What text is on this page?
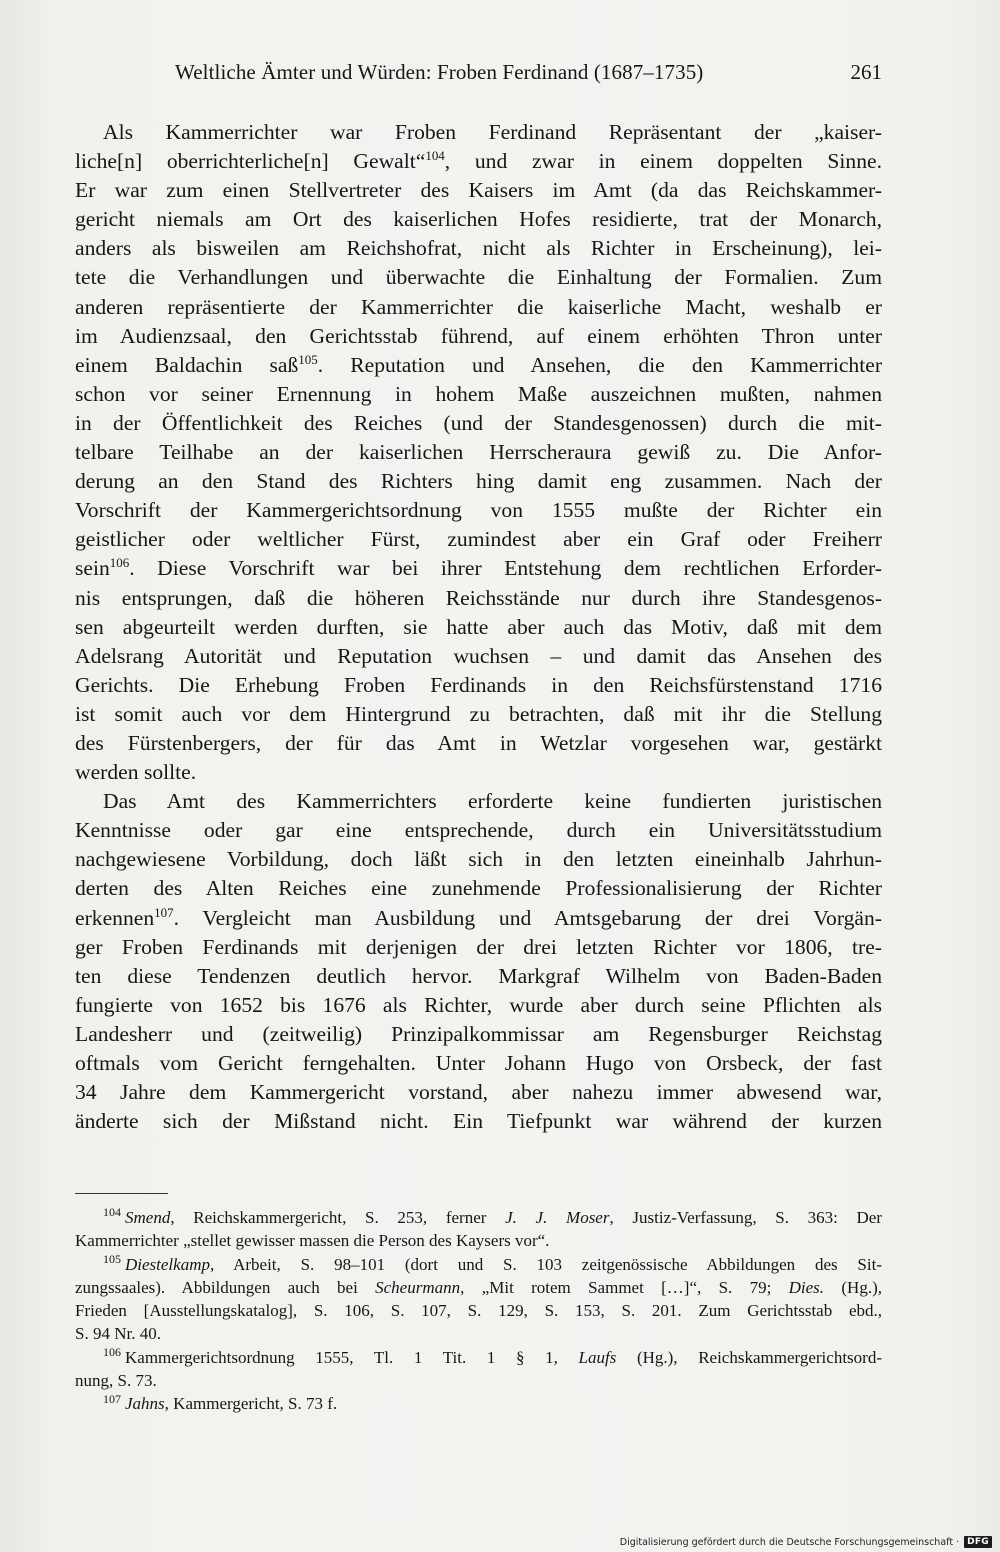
Weltliche Ämter und Würden: Froben Ferdinand (1687–1735)	261
Als Kammerrichter war Froben Ferdinand Repräsentant der „kaiser-
liche[n] oberrichterliche[n] Gewalt“$^{104}$, und zwar in einem doppelten Sinne.
Er war zum einen Stellvertreter des Kaisers im Amt (da das Reichskammer-
gericht niemals am Ort des kaiserlichen Hofes residierte, trat der Monarch,
anders als bisweilen am Reichshofrat, nicht als Richter in Erscheinung), lei-
tete die Verhandlungen und überwachte die Einhaltung der Formalien. Zum
anderen repräsentierte der Kammerrichter die kaiserliche Macht, weshalb er
im Audienzsaal, den Gerichtsstab führend, auf einem erhöhten Thron unter
einem Baldachin saß$^{105}$. Reputation und Ansehen, die den Kammerrichter
schon vor seiner Ernennung in hohem Maße auszeichnen mußten, nahmen
in der Öffentlichkeit des Reiches (und der Standesgenossen) durch die mit-
telbare Teilhabe an der kaiserlichen Herrscheraura gewiß zu. Die Anfor-
derung an den Stand des Richters hing damit eng zusammen. Nach der
Vorschrift der Kammergerichtsordnung von 1555 mußte der Richter ein
geistlicher oder weltlicher Fürst, zumindest aber ein Graf oder Freiherr
sein$^{106}$. Diese Vorschrift war bei ihrer Entstehung dem rechtlichen Erforder-
nis entsprungen, daß die höheren Reichsstände nur durch ihre Standesgenos-
sen abgeurteilt werden durften, sie hatte aber auch das Motiv, daß mit dem
Adelsrang Autorität und Reputation wuchsen – und damit das Ansehen des
Gerichts. Die Erhebung Froben Ferdinands in den Reichsfürstenstand 1716
ist somit auch vor dem Hintergrund zu betrachten, daß mit ihr die Stellung
des Fürstenbergers, der für das Amt in Wetzlar vorgesehen war, gestärkt
werden sollte.
Das Amt des Kammerrichters erforderte keine fundierten juristischen
Kenntnisse oder gar eine entsprechende, durch ein Universitätsstudium
nachgewiesene Vorbildung, doch läßt sich in den letzten eineinhalb Jahrhun-
derten des Alten Reiches eine zunehmende Professionalisierung der Richter
erkennen$^{107}$. Vergleicht man Ausbildung und Amtsgebarung der drei Vorgän-
ger Froben Ferdinands mit derjenigen der drei letzten Richter vor 1806, tre-
ten diese Tendenzen deutlich hervor. Markgraf Wilhelm von Baden-Baden
fungierte von 1652 bis 1676 als Richter, wurde aber durch seine Pflichten als
Landesherr und (zeitweilig) Prinzipalkommissar am Regensburger Reichstag
oftmals vom Gericht ferngehalten. Unter Johann Hugo von Orsbeck, der fast
34 Jahre dem Kammergericht vorstand, aber nahezu immer abwesend war,
änderte sich der Mißstand nicht. Ein Tiefpunkt war während der kurzen
$^{104}$ Smend, Reichskammergericht, S. 253, ferner J. J. Moser, Justiz-Verfassung, S. 363: Der
Kammerrichter „stellet gewisser massen die Person des Kaysers vor“.
$^{105}$ Diestelkamp, Arbeit, S. 98–101 (dort und S. 103 zeitgenössische Abbildungen des Sit-
zungssaales). Abbildungen auch bei Scheurmann, „Mit rotem Sammet […]“, S. 79; Dies. (Hg.),
Frieden [Ausstellungskatalog], S. 106, S. 107, S. 129, S. 153, S. 201. Zum Gerichtsstab ebd.,
S. 94 Nr. 40.
$^{106}$ Kammergerichtsordnung 1555, Tl. 1 Tit. 1 § 1, Laufs (Hg.), Reichskammergerichtsord-
nung, S. 73.
$^{107}$ Jahns, Kammergericht, S. 73 f.
Digitalisierung gefördert durch die Deutsche Forschungsgemeinschaft · DFG
